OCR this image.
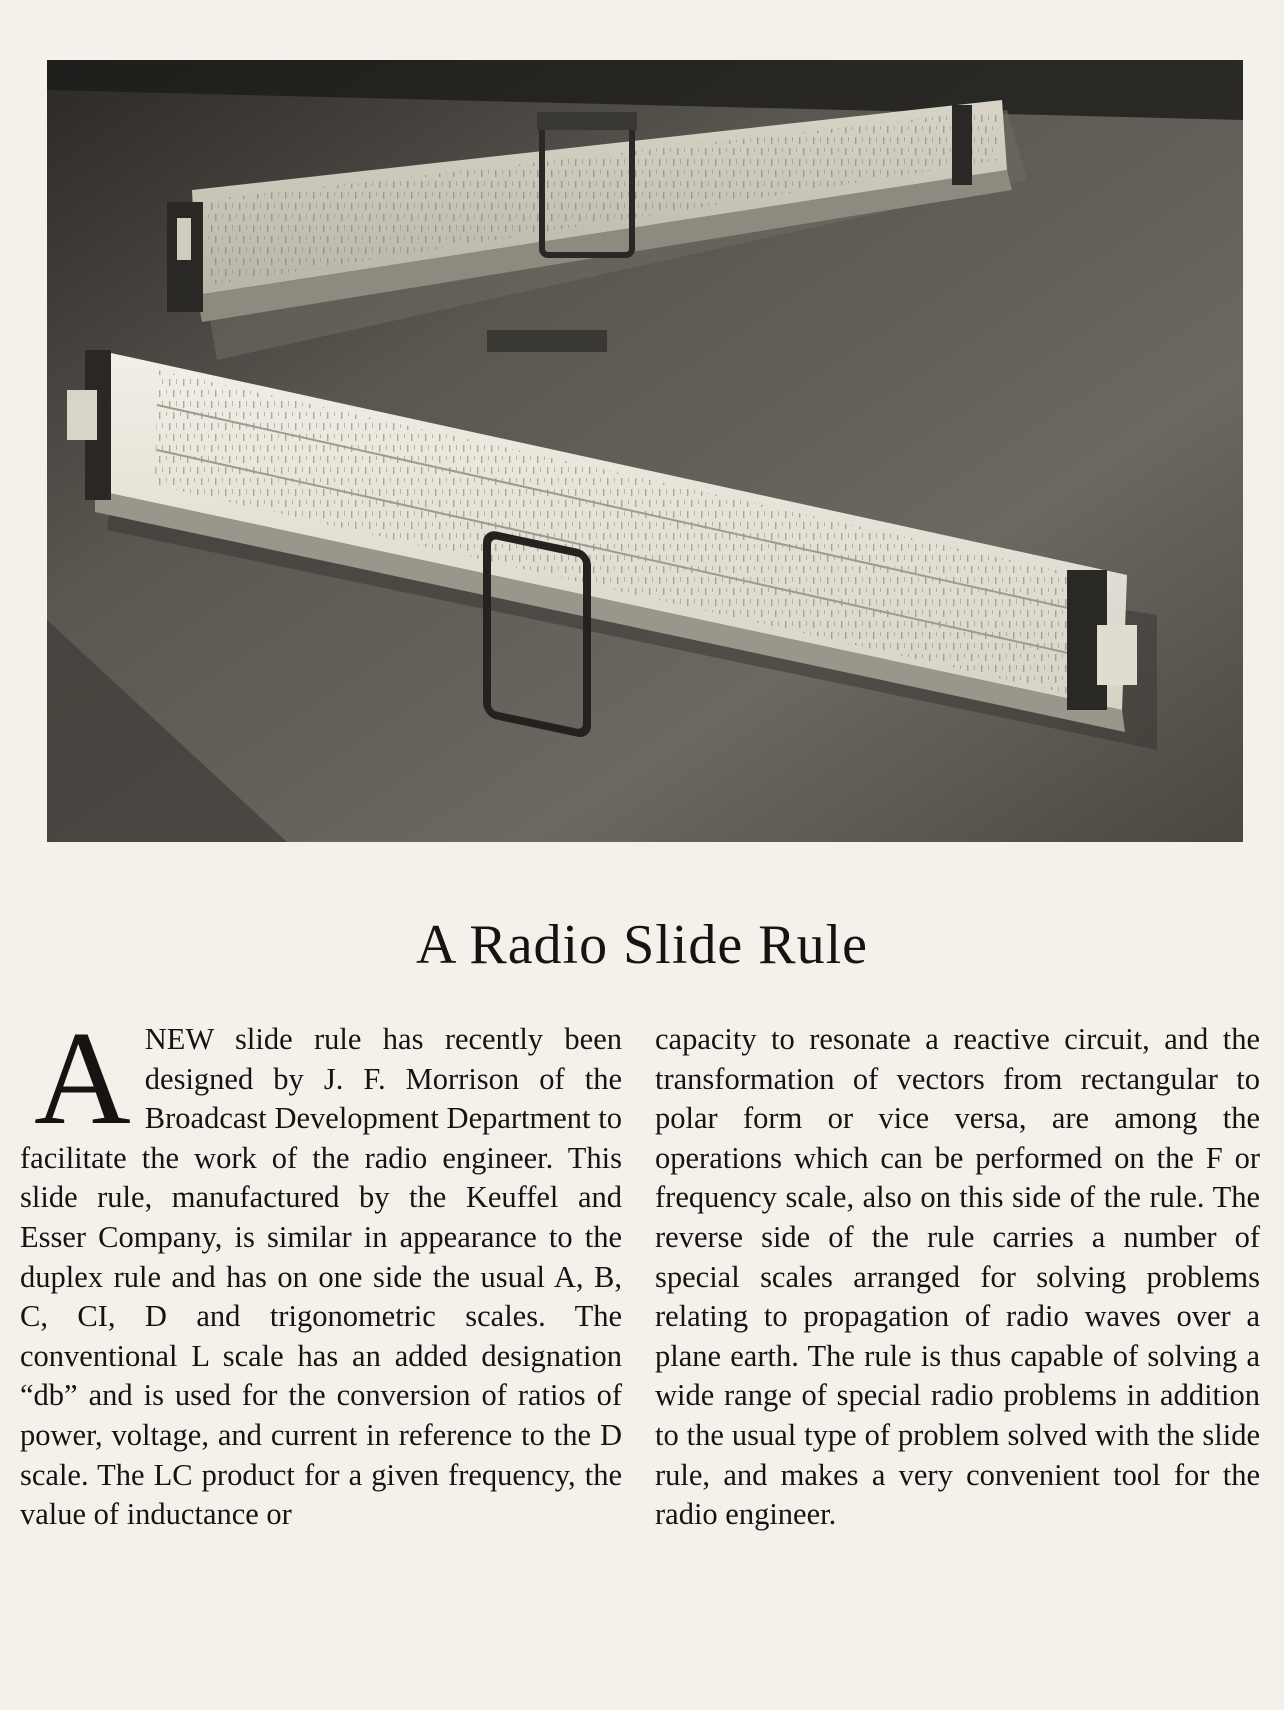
A Radio Slide Rule

ANEW slide rule has recently been designed by J. F. Morrison of the Broadcast Development Department to facilitate the work of the radio engineer. This slide rule, manufactured by the Keuffel and Esser Company, is similar in appearance to the duplex rule and has on one side the usual A, B, C, CI, D and trigonometric scales. The conventional L scale has an added designation “db” and is used for the conversion of ratios of power, voltage, and current in reference to the D scale. The LC product for a given frequency, the value of inductance or

capacity to resonate a reactive circuit, and the transformation of vectors from rectangular to polar form or vice versa, are among the operations which can be performed on the F or frequency scale, also on this side of the rule. The reverse side of the rule carries a number of special scales arranged for solving problems relating to propagation of radio waves over a plane earth. The rule is thus capable of solving a wide range of special radio problems in addition to the usual type of problem solved with the slide rule, and makes a very convenient tool for the radio engineer.
